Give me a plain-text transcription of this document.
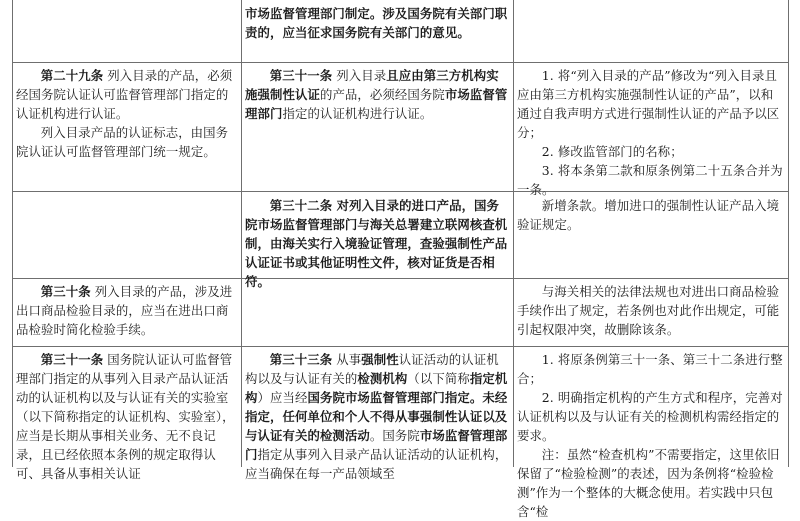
市场监督管理部门制定。涉及国务院有关部门职责的，应当征求国务院有关部门的意见。

第二十九条 列入目录的产品，必须经国务院认证认可监督管理部门指定的认证机构进行认证。

列入目录产品的认证标志，由国务院认证认可监督管理部门统一规定。

第三十一条 列入目录且应由第三方机构实施强制性认证的产品，必须经国务院市场监督管理部门指定的认证机构进行认证。

1. 将“列入目录的产品”修改为“列入目录且应由第三方机构实施强制性认证的产品”，以和通过自我声明方式进行强制性认证的产品予以区分；

2. 修改监管部门的名称；

3. 将本条第二款和原条例第二十五条合并为一条。

第三十二条 对列入目录的进口产品，国务院市场监督管理部门与海关总署建立联网核查机制，由海关实行入境验证管理，查验强制性产品认证证书或其他证明性文件，核对证货是否相符。

新增条款。增加进口的强制性认证产品入境验证规定。

第三十条 列入目录的产品，涉及进出口商品检验目录的，应当在进出口商品检验时简化检验手续。

与海关相关的法律法规也对进出口商品检验手续作出了规定，若条例也对此作出规定，可能引起权限冲突，故删除该条。

第三十一条 国务院认证认可监督管理部门指定的从事列入目录产品认证活动的认证机构以及与认证有关的实验室（以下简称指定的认证机构、实验室），应当是长期从事相关业务、无不良记录，且已经依照本条例的规定取得认可、具备从事相关认证

第三十三条 从事强制性认证活动的认证机构以及与认证有关的检测机构（以下简称指定机构）应当经国务院市场监督管理部门指定。未经指定，任何单位和个人不得从事强制性认证以及与认证有关的检测活动。国务院市场监督管理部门指定从事列入目录产品认证活动的认证机构，应当确保在每一产品领域至

1. 将原条例第三十一条、第三十二条进行整合；

2. 明确指定机构的产生方式和程序，完善对认证机构以及与认证有关的检测机构需经指定的要求。

注：虽然“检查机构”不需要指定，这里依旧保留了“检验检测”的表述，因为条例将“检验检测”作为一个整体的大概念使用。若实践中只包含“检
